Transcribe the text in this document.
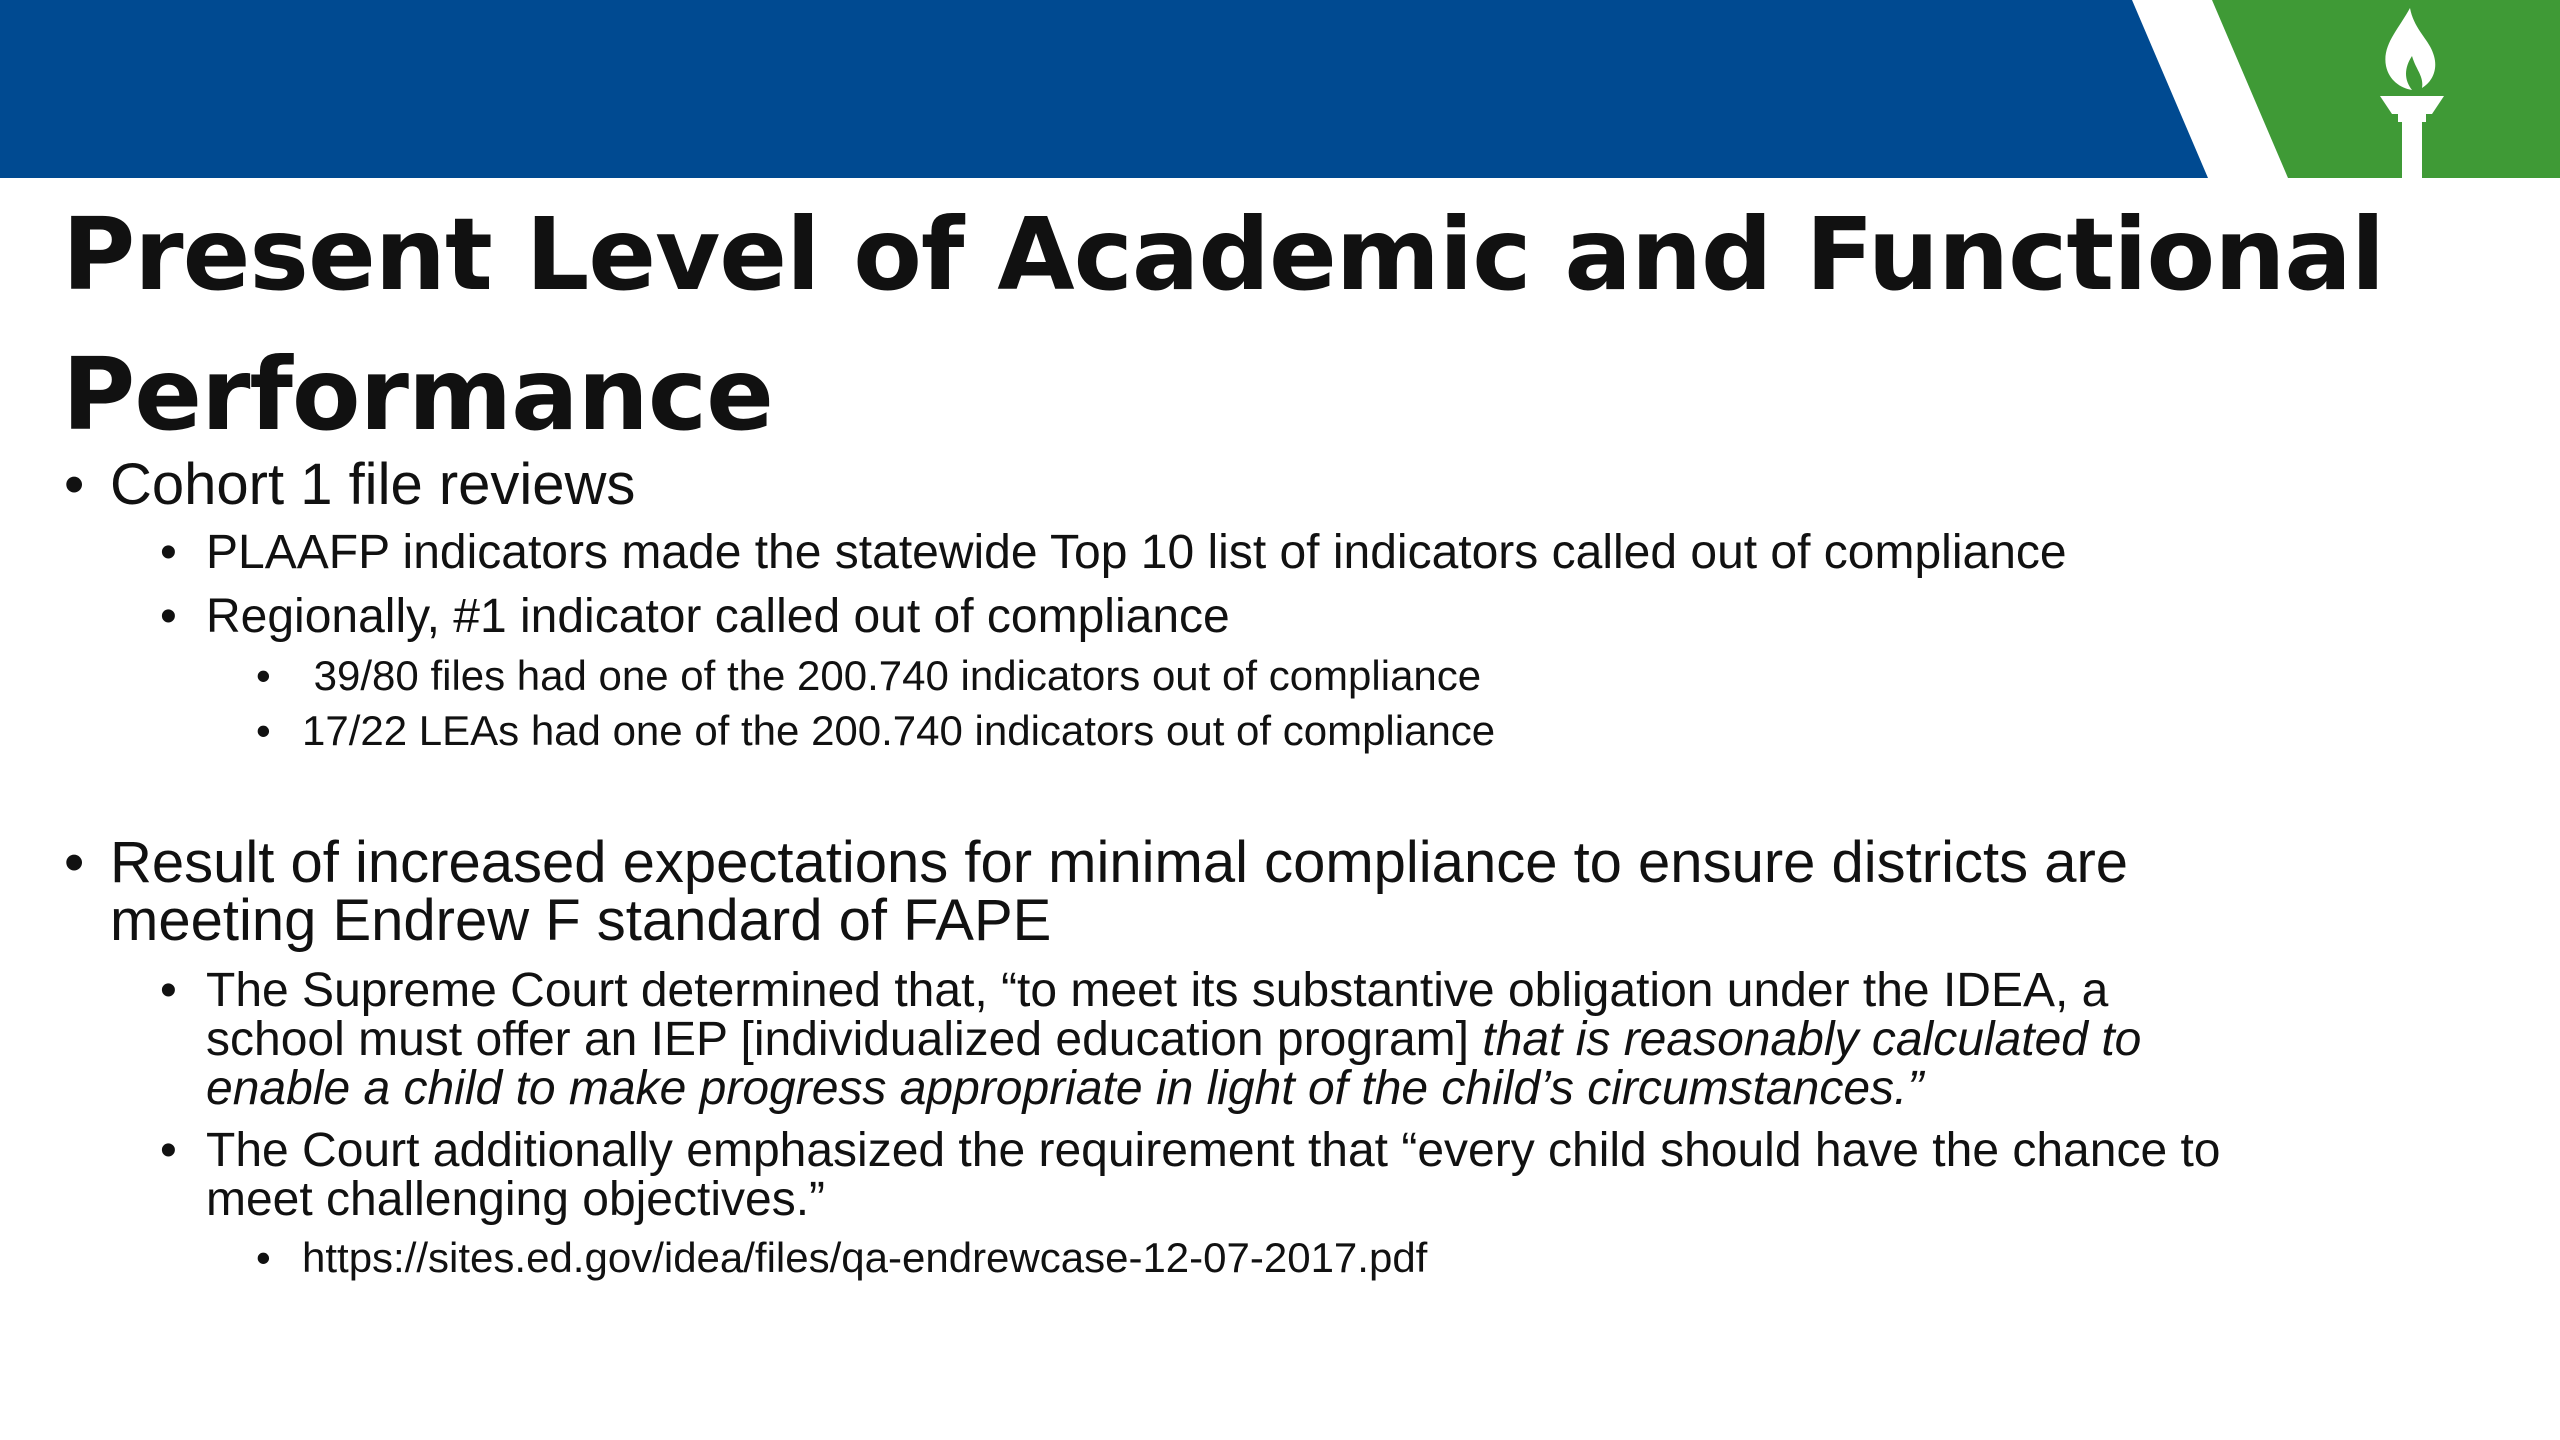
Present Level of Academic and Functional Performance
• Cohort 1 file reviews
• PLAAFP indicators made the statewide Top 10 list of indicators called out of compliance
• Regionally, #1 indicator called out of compliance
• 39/80 files had one of the 200.740 indicators out of compliance
• 17/22 LEAs had one of the 200.740 indicators out of compliance
• Result of increased expectations for minimal compliance to ensure districts are
meeting Endrew F standard of FAPE
• The Supreme Court determined that, “to meet its substantive obligation under the IDEA, a
school must offer an IEP [individualized education program] that is reasonably calculated to
enable a child to make progress appropriate in light of the child’s circumstances.”
• The Court additionally emphasized the requirement that “every child should have the chance to
meet challenging objectives.”
• https://sites.ed.gov/idea/files/qa-endrewcase-12-07-2017.pdf
